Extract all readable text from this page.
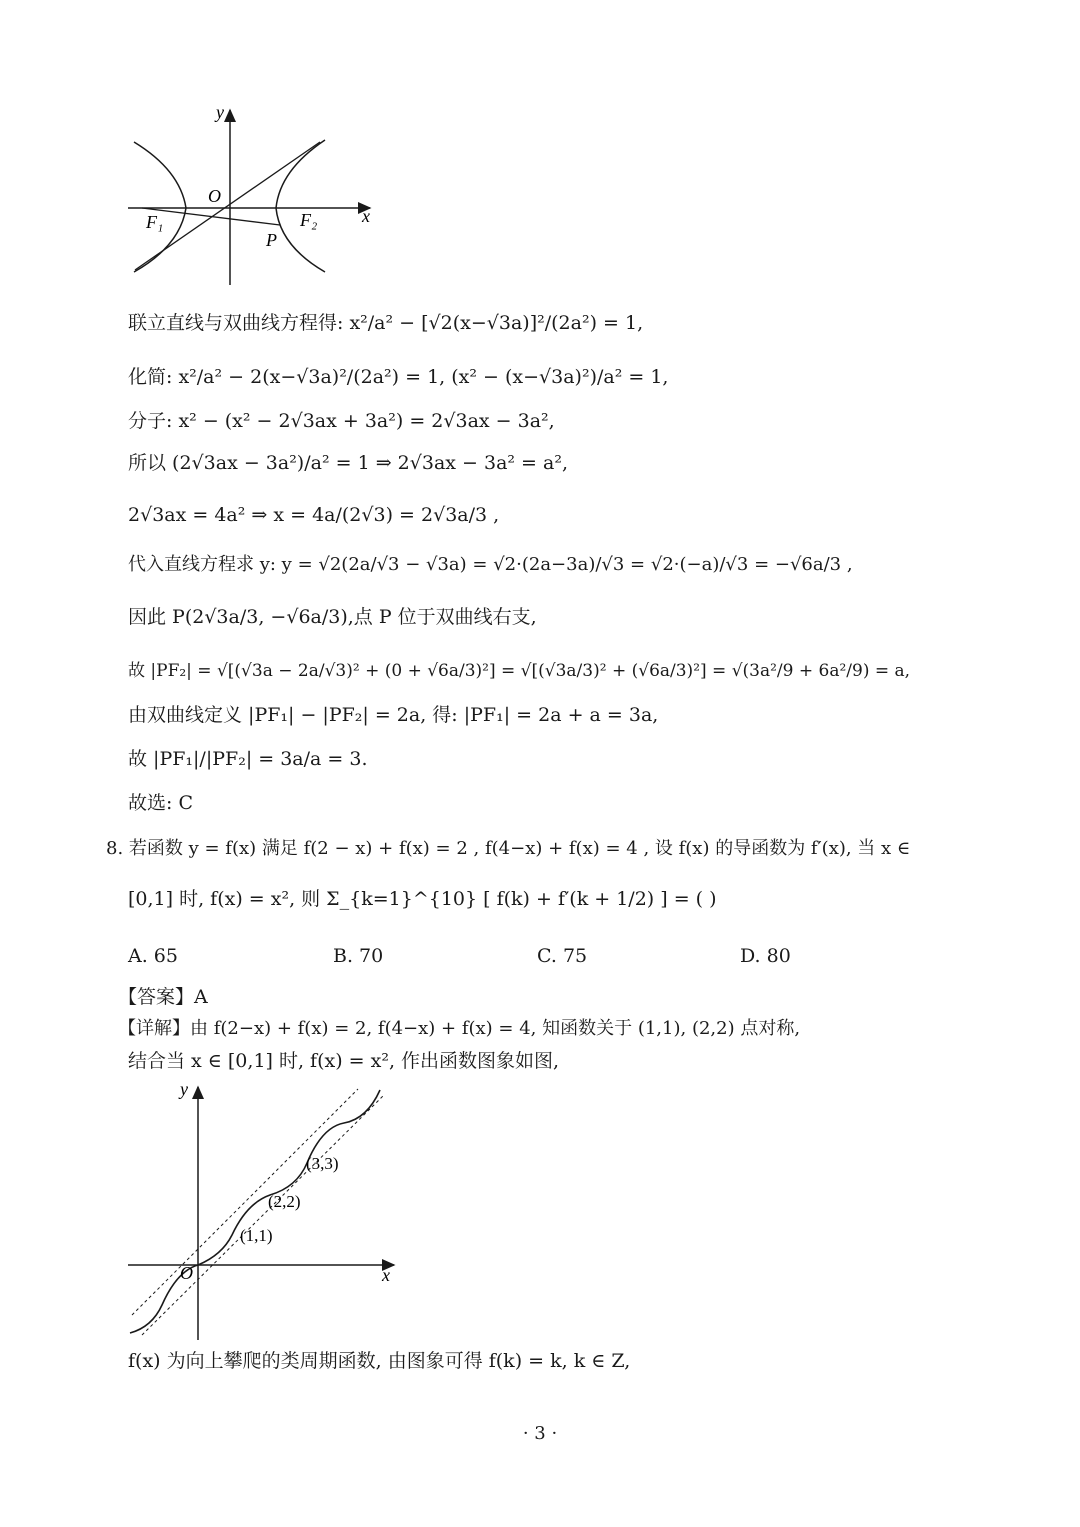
y
x
O
F₁	F₂
P
联立直线与双曲线方程得: x²/a² − [√2(x−√3a)]²/(2a²) = 1,
化简: x²/a² − 2(x−√3a)²/(2a²) = 1, (x² − (x−√3a)²)/a² = 1,
分子: x² − (x² − 2√3ax + 3a²) = 2√3ax − 3a²,
所以 (2√3ax − 3a²)/a² = 1 ⇒ 2√3ax − 3a² = a²,
2√3ax = 4a² ⇒ x = 4a/(2√3) = 2√3a/3 ,
代入直线方程求 y: y = √2(2a/√3 − √3a) = √2·(2a−3a)/√3 = √2·(−a)/√3 = −√6a/3 ,
因此 P(2√3a/3, −√6a/3),点 P 位于双曲线右支,
故 |PF₂| = √[(√3a − 2a/√3)² + (0 + √6a/3)²] = √[(√3a/3)² + (√6a/3)²] = √(3a²/9 + 6a²/9) = a,
由双曲线定义 |PF₁| − |PF₂| = 2a, 得: |PF₁| = 2a + a = 3a,
故 |PF₁|/|PF₂| = 3a/a = 3.
故选: C
8. 若函数 y = f(x) 满足 f(2 − x) + f(x) = 2 , f(4−x) + f(x) = 4 , 设 f(x) 的导函数为 f′(x), 当 x ∈
[0,1] 时, f(x) = x², 则 Σ_{k=1}^{10} [ f(k) + f′(k + 1/2) ] = ( )
A. 65	B. 70	C. 75	D. 80
【答案】A
【详解】由 f(2−x) + f(x) = 2, f(4−x) + f(x) = 4, 知函数关于 (1,1), (2,2) 点对称,
结合当 x ∈ [0,1] 时, f(x) = x², 作出函数图象如图,
y
x
O
(1,1)
(2,2)
(3,3)
f(x) 为向上攀爬的类周期函数, 由图象可得 f(k) = k, k ∈ Z,
· 3 ·
